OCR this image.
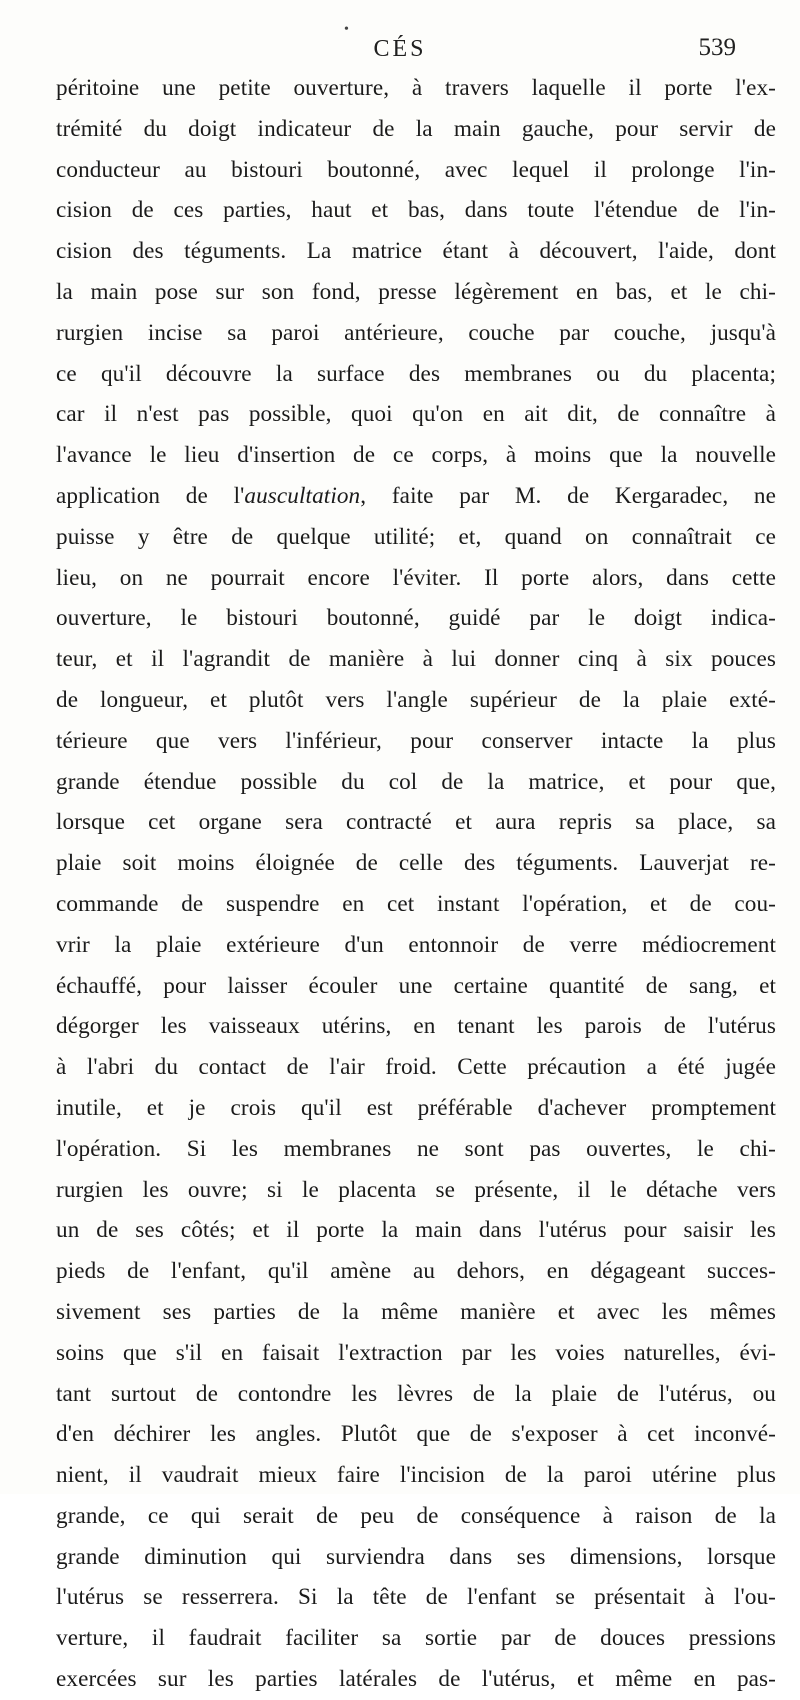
•
CÉS	539
péritoine une petite ouverture, à travers laquelle il porte l'ex-
trémité du doigt indicateur de la main gauche, pour servir de
conducteur au bistouri boutonné, avec lequel il prolonge l'in-
cision de ces parties, haut et bas, dans toute l'étendue de l'in-
cision des téguments. La matrice étant à découvert, l'aide, dont
la main pose sur son fond, presse légèrement en bas, et le chi-
rurgien incise sa paroi antérieure, couche par couche, jusqu'à
ce qu'il découvre la surface des membranes ou du placenta;
car il n'est pas possible, quoi qu'on en ait dit, de connaître à
l'avance le lieu d'insertion de ce corps, à moins que la nouvelle
application de l'auscultation, faite par M. de Kergaradec, ne
puisse y être de quelque utilité; et, quand on connaîtrait ce
lieu, on ne pourrait encore l'éviter. Il porte alors, dans cette
ouverture, le bistouri boutonné, guidé par le doigt indica-
teur, et il l'agrandit de manière à lui donner cinq à six pouces
de longueur, et plutôt vers l'angle supérieur de la plaie exté-
térieure que vers l'inférieur, pour conserver intacte la plus
grande étendue possible du col de la matrice, et pour que,
lorsque cet organe sera contracté et aura repris sa place, sa
plaie soit moins éloignée de celle des téguments. Lauverjat re-
commande de suspendre en cet instant l'opération, et de cou-
vrir la plaie extérieure d'un entonnoir de verre médiocrement
échauffé, pour laisser écouler une certaine quantité de sang, et
dégorger les vaisseaux utérins, en tenant les parois de l'utérus
à l'abri du contact de l'air froid. Cette précaution a été jugée
inutile, et je crois qu'il est préférable d'achever promptement
l'opération. Si les membranes ne sont pas ouvertes, le chi-
rurgien les ouvre; si le placenta se présente, il le détache vers
un de ses côtés; et il porte la main dans l'utérus pour saisir les
pieds de l'enfant, qu'il amène au dehors, en dégageant succes-
sivement ses parties de la même manière et avec les mêmes
soins que s'il en faisait l'extraction par les voies naturelles, évi-
tant surtout de contondre les lèvres de la plaie de l'utérus, ou
d'en déchirer les angles. Plutôt que de s'exposer à cet inconvé-
nient, il vaudrait mieux faire l'incision de la paroi utérine plus
grande, ce qui serait de peu de conséquence à raison de la
grande diminution qui surviendra dans ses dimensions, lorsque
l'utérus se resserrera. Si la tête de l'enfant se présentait à l'ou-
verture, il faudrait faciliter sa sortie par de douces pressions
exercées sur les parties latérales de l'utérus, et même en pas-
